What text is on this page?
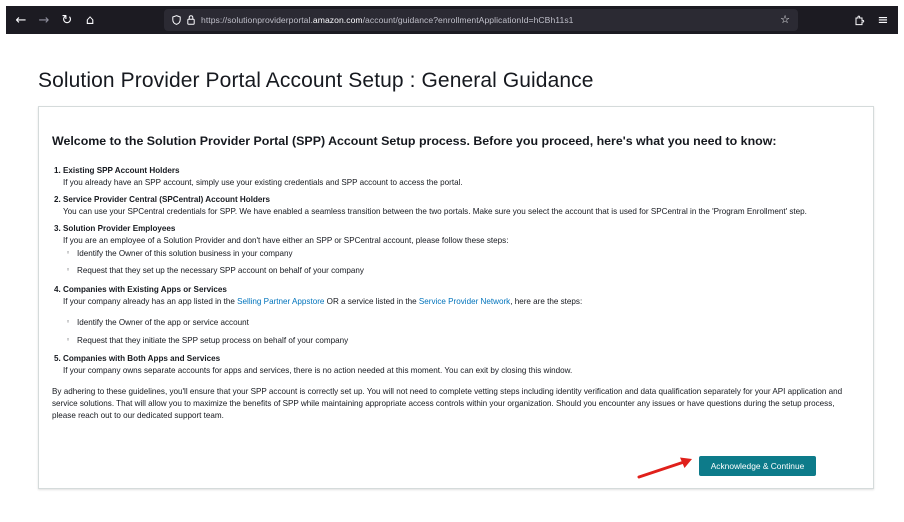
← → ↻	⌂	https://solutionproviderportal.amazon.com/account/guidance?enrollmentApplicationId=hCBh11s1	☆	≡
Solution Provider Portal Account Setup : General Guidance
Welcome to the Solution Provider Portal (SPP) Account Setup process. Before you proceed, here's what you need to know:
1. Existing SPP Account Holders
If you already have an SPP account, simply use your existing credentials and SPP account to access the portal.
2. Service Provider Central (SPCentral) Account Holders
You can use your SPCentral credentials for SPP. We have enabled a seamless transition between the two portals. Make sure you select the account that is used for SPCentral in the 'Program Enrollment' step.
3. Solution Provider Employees
If you are an employee of a Solution Provider and don't have either an SPP or SPCentral account, please follow these steps:
◦ Identify the Owner of this solution business in your company
◦ Request that they set up the necessary SPP account on behalf of your company
4. Companies with Existing Apps or Services
If your company already has an app listed in the Selling Partner Appstore OR a service listed in the Service Provider Network, here are the steps:
◦ Identify the Owner of the app or service account
◦ Request that they initiate the SPP setup process on behalf of your company
5. Companies with Both Apps and Services
If your company owns separate accounts for apps and services, there is no action needed at this moment. You can exit by closing this window.
By adhering to these guidelines, you'll ensure that your SPP account is correctly set up. You will not need to complete vetting steps including identity verification and data qualification separately for your API application and service solutions. That will allow you to maximize the benefits of SPP while maintaining appropriate access controls within your organization. Should you encounter any issues or have questions during the setup process, please reach out to our dedicated support team.
Acknowledge & Continue
